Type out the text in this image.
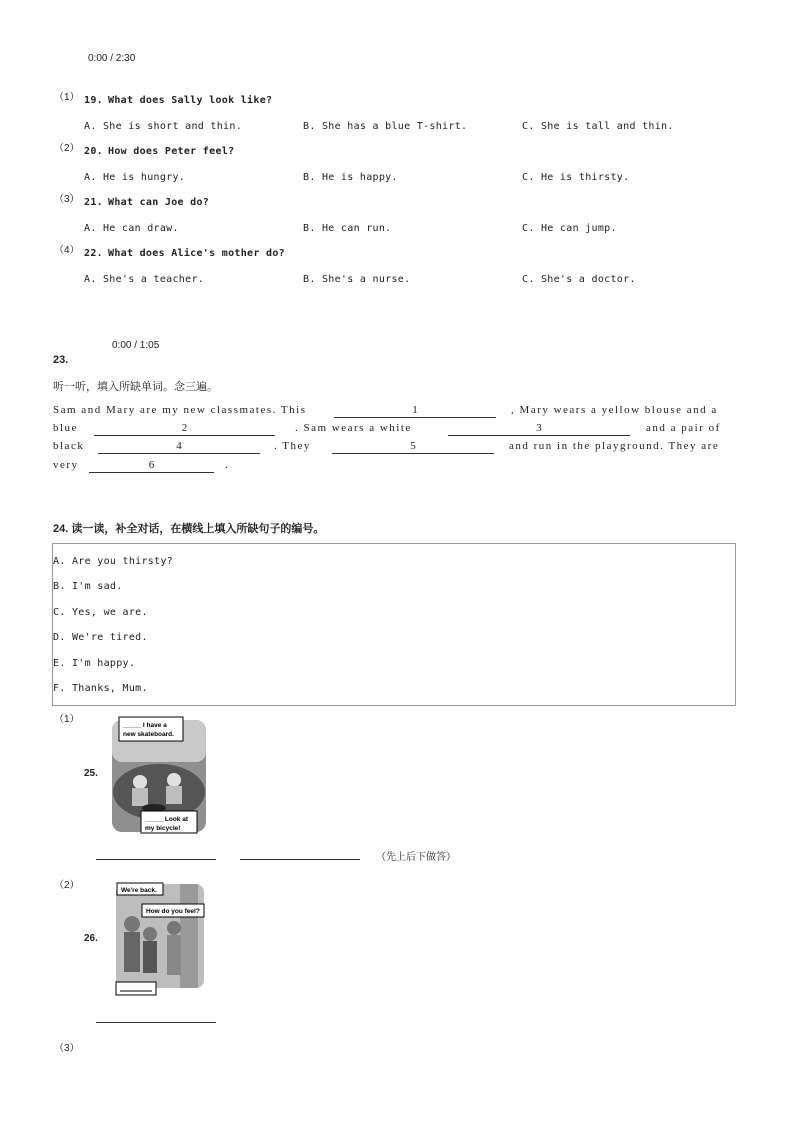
0:00 / 2:30
（1） 19. What does Sally look like?
A. She is short and thin.	B. She has a blue T-shirt.	C. She is tall and thin.
（2） 20. How does Peter feel?
A. He is hungry.	B. He is happy.	C. He is thirsty.
（3） 21. What can Joe do?
A. He can draw.	B. He can run.	C. He can jump.
（4） 22. What does Alice's mother do?
A. She's a teacher.	B. She's a nurse.	C. She's a doctor.
0:00 / 1:05
23.
听一听，填入所缺单词。念三遍。
Sam and Mary are my new classmates. This	1	, Mary wears a yellow blouse and a
blue	2	. Sam wears a white	3	and a pair of
black	4	. They	5	and run in the playground. They are
very	6	.
24. 读一读，补全对话，在横线上填入所缺句子的编号。
A. Are you thirsty?
B. I'm sad.
C. Yes, we are.
D. We're tired.
E. I'm happy.
F. Thanks, Mum.
（1）
25.
_____ I have a
new skateboard.
_____ Look at
my bicycle!
（先上后下做答）
（2）
26.
We're back.
How do you feel?
（3）
